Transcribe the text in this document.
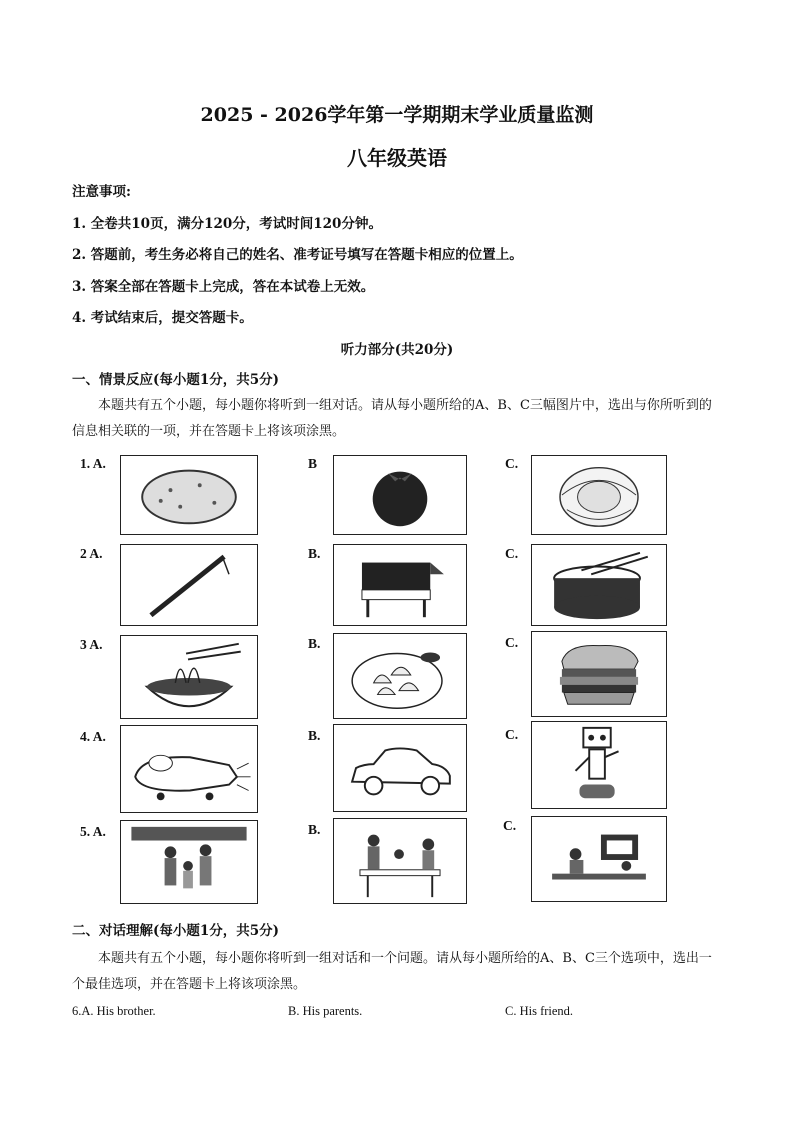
2025 - 2026学年第一学期期末学业质量监测
八年级英语
注意事项:
1. 全卷共10页，满分120分，考试时间120分钟。
2. 答题前，考生务必将自己的姓名、准考证号填写在答题卡相应的位置上。
3. 答案全部在答题卡上完成，答在本试卷上无效。
4. 考试结束后，提交答题卡。
听力部分(共20分)
一、情景反应(每小题1分，共5分)
本题共有五个小题，每小题你将听到一组对话。请从每小题所给的A、B、C三幅图片中，选出与你所听到的信息相关联的一项，并在答题卡上将该项涂黑。
1. A.	B	C.
2 A.	B.	C.
3 A.	B.	C.
4. A.	B.	C.
5. A.	B.	C.
二、对话理解(每小题1分，共5分)
本题共有五个小题，每小题你将听到一组对话和一个问题。请从每小题所给的A、B、C三个选项中，选出一个最佳选项，并在答题卡上将该项涂黑。
6.A. His brother.	B. His parents.	C. His friend.
